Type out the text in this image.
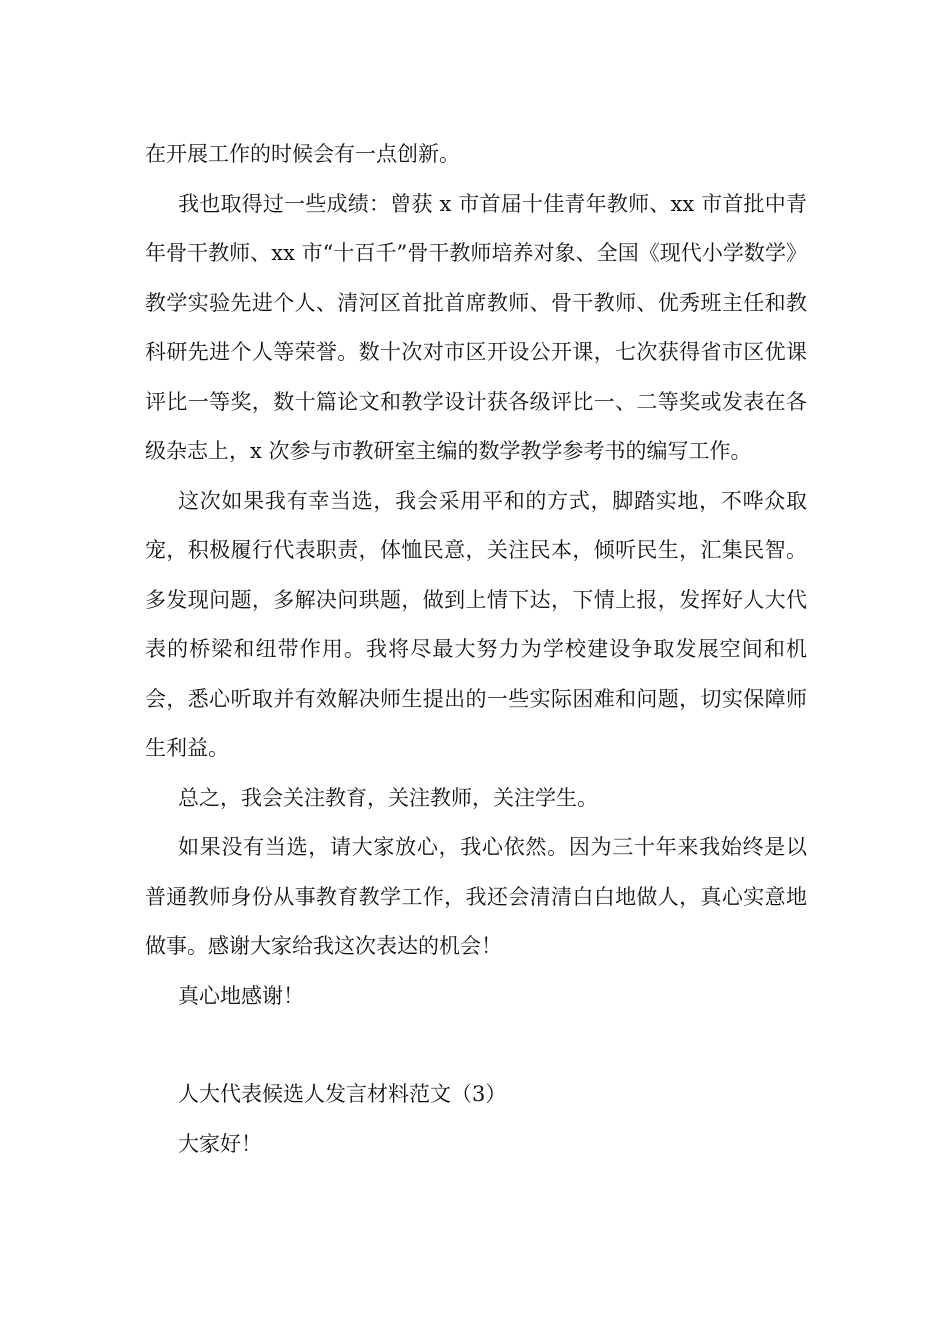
在开展工作的时候会有一点创新。

我也取得过一些成绩：曾获 x 市首届十佳青年教师、xx 市首批中青年骨干教师、xx 市“十百千”骨干教师培养对象、全国《现代小学数学》教学实验先进个人、清河区首批首席教师、骨干教师、优秀班主任和教科研先进个人等荣誉。数十次对市区开设公开课，七次获得省市区优课评比一等奖，数十篇论文和教学设计获各级评比一、二等奖或发表在各级杂志上，x 次参与市教研室主编的数学教学参考书的编写工作。

这次如果我有幸当选，我会采用平和的方式，脚踏实地，不哗众取宠，积极履行代表职责，体恤民意，关注民本，倾听民生，汇集民智。多发现问题，多解决问珙题，做到上情下达，下情上报，发挥好人大代表的桥梁和纽带作用。我将尽最大努力为学校建设争取发展空间和机会，悉心听取并有效解决师生提出的一些实际困难和问题，切实保障师生利益。

总之，我会关注教育，关注教师，关注学生。

如果没有当选，请大家放心，我心依然。因为三十年来我始终是以普通教师身份从事教育教学工作，我还会清清白白地做人，真心实意地做事。感谢大家给我这次表达的机会！

真心地感谢！

人大代表候选人发言材料范文（3）

大家好！
